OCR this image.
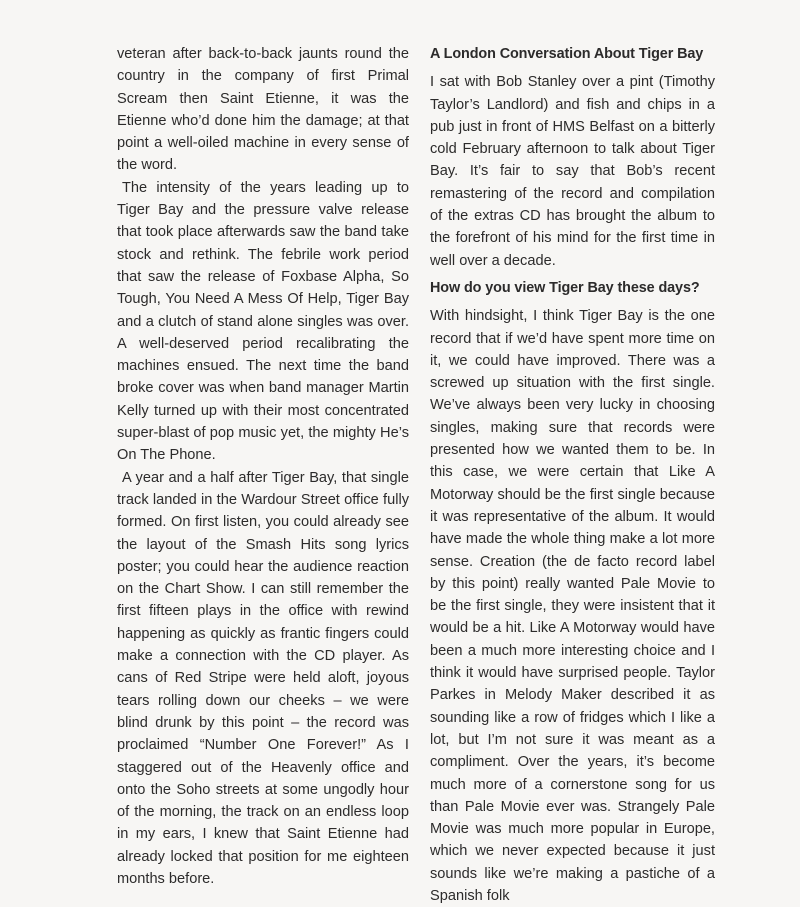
veteran after back-to-back jaunts round the country in the company of first Primal Scream then Saint Etienne, it was the Etienne who’d done him the damage; at that point a well-oiled machine in every sense of the word.

The intensity of the years leading up to Tiger Bay and the pressure valve release that took place afterwards saw the band take stock and rethink. The febrile work period that saw the release of Foxbase Alpha, So Tough, You Need A Mess Of Help, Tiger Bay and a clutch of stand alone singles was over. A well-deserved period recalibrating the machines ensued. The next time the band broke cover was when band manager Martin Kelly turned up with their most concentrated super-blast of pop music yet, the mighty He’s On The Phone.

A year and a half after Tiger Bay, that single track landed in the Wardour Street office fully formed. On first listen, you could already see the layout of the Smash Hits song lyrics poster; you could hear the audience reaction on the Chart Show. I can still remember the first fifteen plays in the office with rewind happening as quickly as frantic fingers could make a connection with the CD player. As cans of Red Stripe were held aloft, joyous tears rolling down our cheeks – we were blind drunk by this point – the record was proclaimed “Number One Forever!” As I staggered out of the Heavenly office and onto the Soho streets at some ungodly hour of the morning, the track on an endless loop in my ears, I knew that Saint Etienne had already locked that position for me eighteen months before.

A London Conversation About Tiger Bay

I sat with Bob Stanley over a pint (Timothy Taylor’s Landlord) and fish and chips in a pub just in front of HMS Belfast on a bitterly cold February afternoon to talk about Tiger Bay. It’s fair to say that Bob’s recent remastering of the record and compilation of the extras CD has brought the album to the forefront of his mind for the first time in well over a decade.

How do you view Tiger Bay these days?

With hindsight, I think Tiger Bay is the one record that if we’d have spent more time on it, we could have improved. There was a screwed up situation with the first single. We’ve always been very lucky in choosing singles, making sure that records were presented how we wanted them to be. In this case, we were certain that Like A Motorway should be the first single because it was representative of the album. It would have made the whole thing make a lot more sense. Creation (the de facto record label by this point) really wanted Pale Movie to be the first single, they were insistent that it would be a hit. Like A Motorway would have been a much more interesting choice and I think it would have surprised people. Taylor Parkes in Melody Maker described it as sounding like a row of fridges which I like a lot, but I’m not sure it was meant as a compliment. Over the years, it’s become much more of a cornerstone song for us than Pale Movie ever was. Strangely Pale Movie was much more popular in Europe, which we never expected because it just sounds like we’re making a pastiche of a Spanish folk
